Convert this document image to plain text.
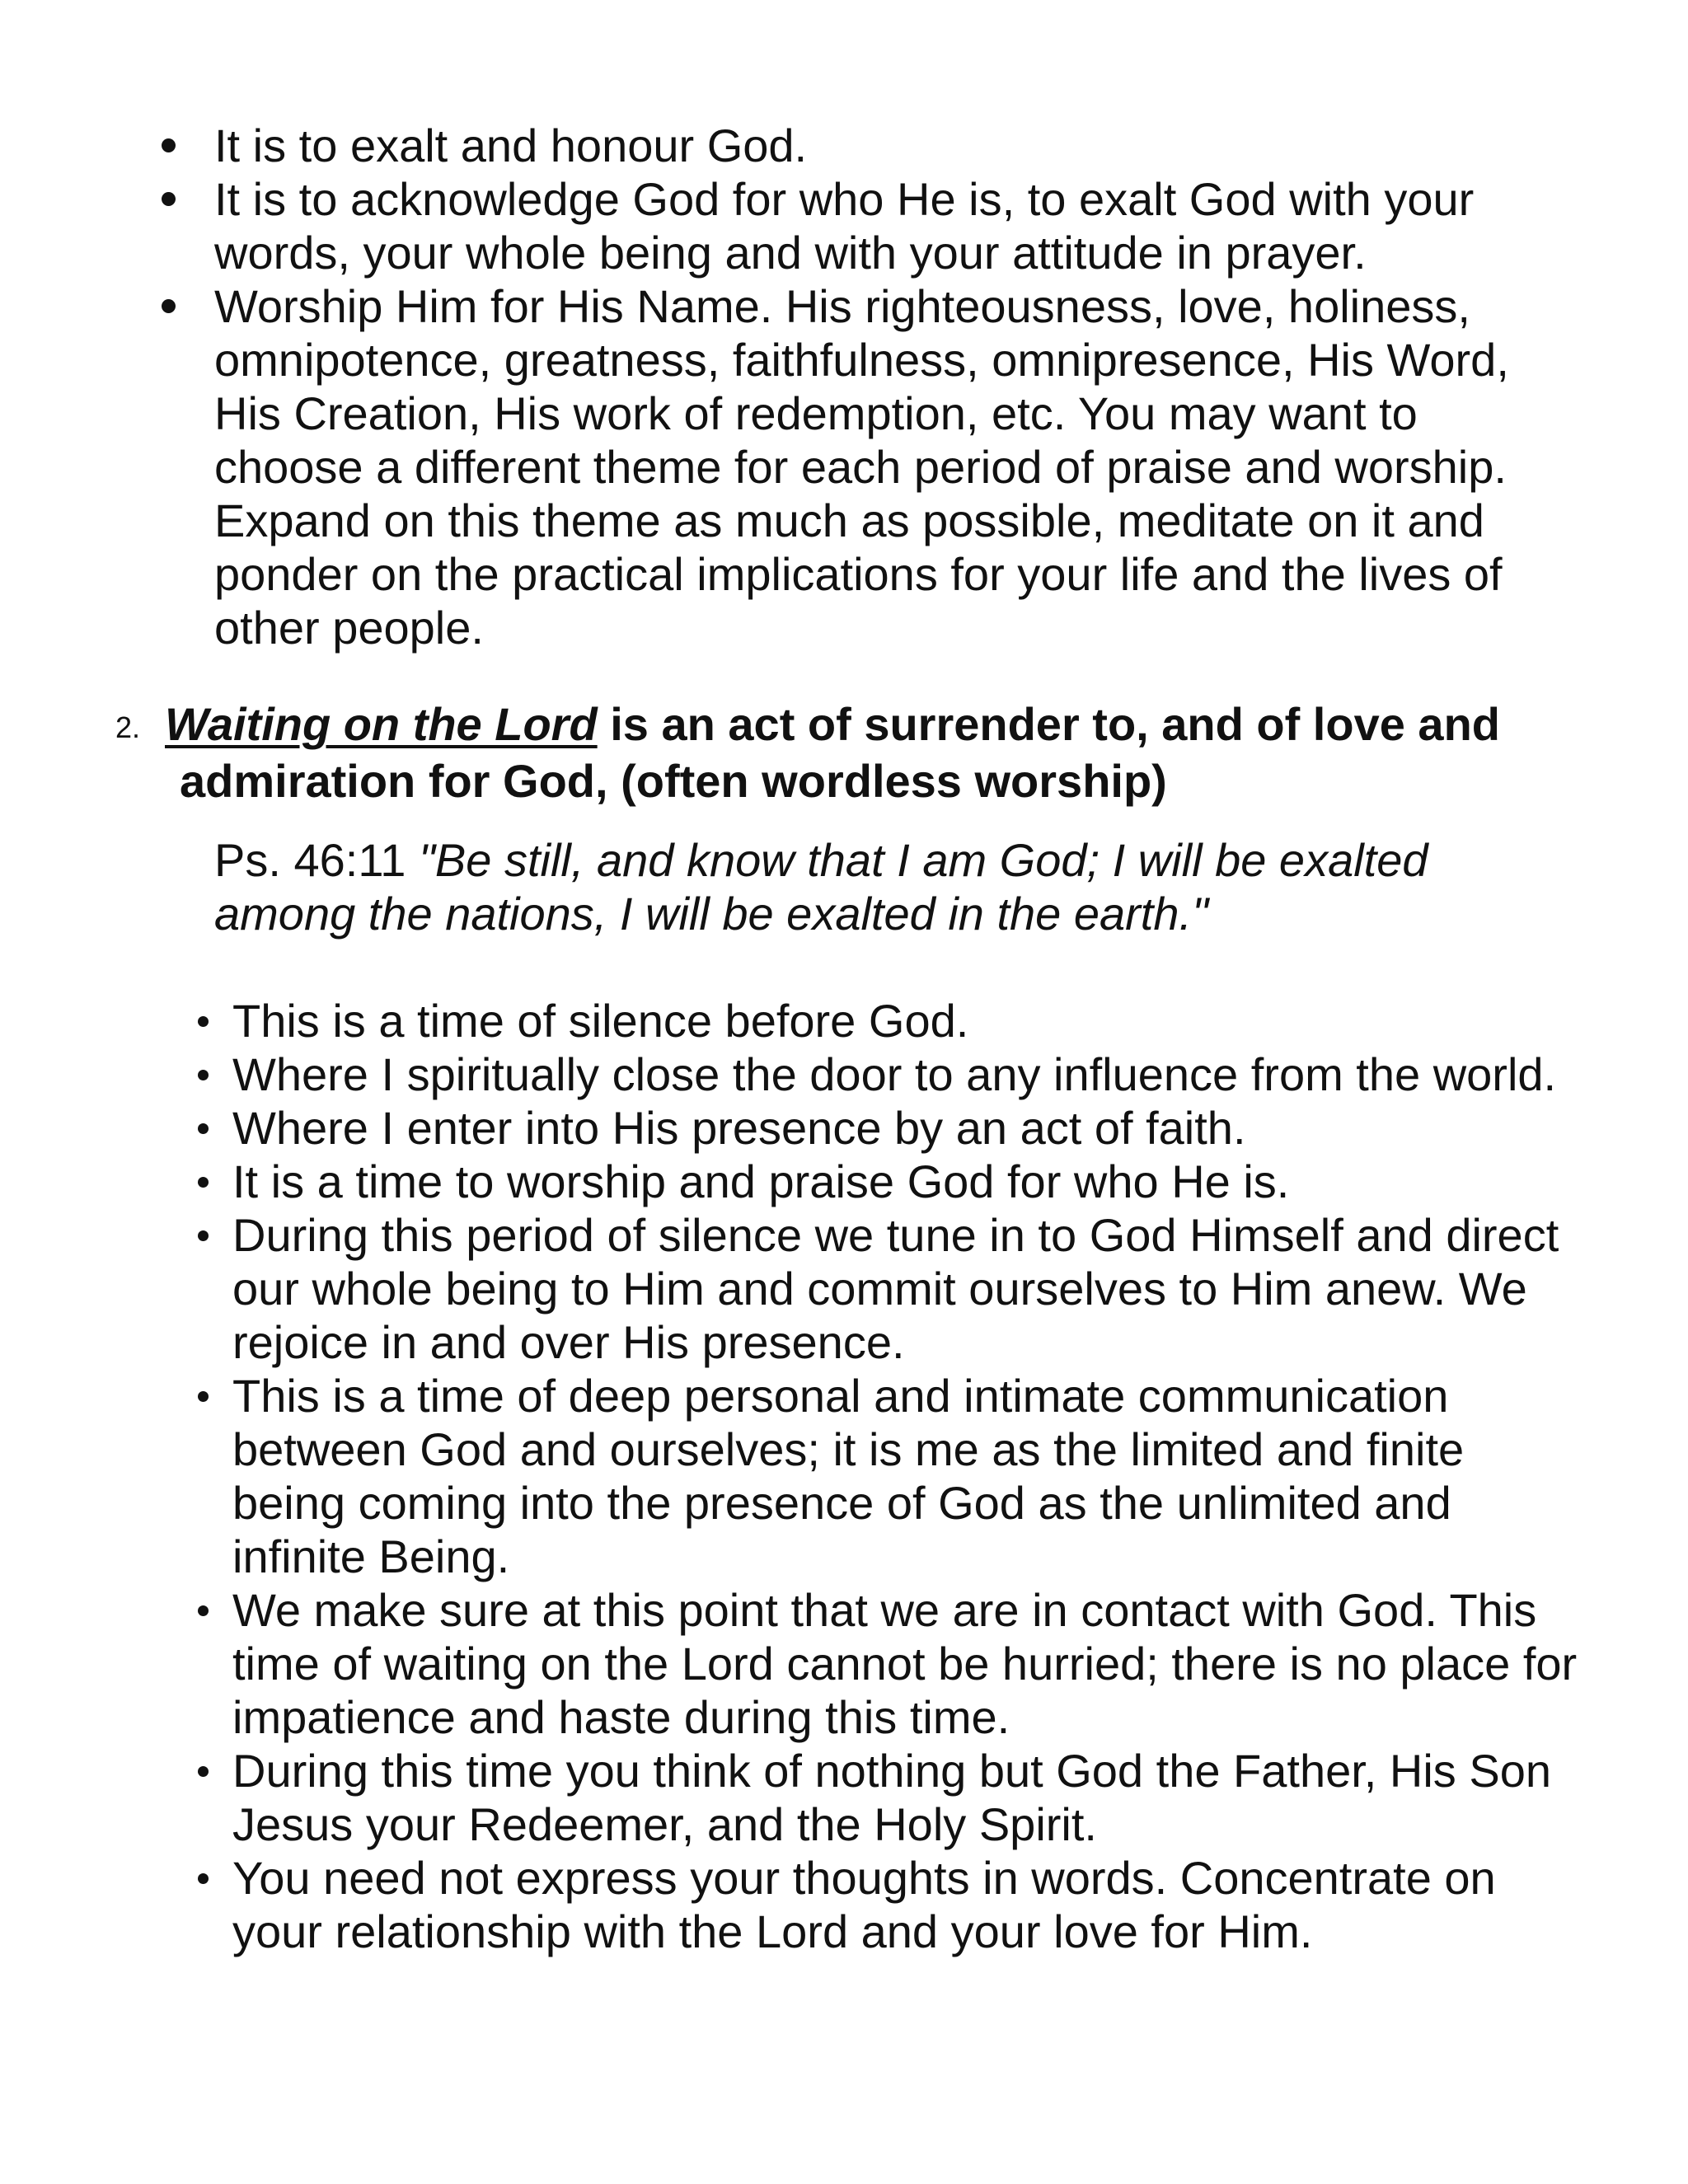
It is to exalt and honour God.
It is to acknowledge God for who He is, to exalt God with your words, your whole being and with your attitude in prayer.
Worship Him for His Name. His righteousness, love, holiness, omnipotence, greatness, faithfulness, omnipresence, His Word, His Creation, His work of redemption, etc. You may want to choose a different theme for each period of praise and worship. Expand on this theme as much as possible, meditate on it and ponder on the practical implications for your life and the lives of other people.
2. Waiting on the Lord is an act of surrender to, and of love and
admiration for God, (often wordless worship)
Ps. 46:11 "Be still, and know that I am God; I will be exalted among the nations, I will be exalted in the earth."
This is a time of silence before God.
Where I spiritually close the door to any influence from the world.
Where I enter into His presence by an act of faith.
It is a time to worship and praise God for who He is.
During this period of silence we tune in to God Himself and direct our whole being to Him and commit ourselves to Him anew. We rejoice in and over His presence.
This is a time of deep personal and intimate communication between God and ourselves; it is me as the limited and finite being coming into the presence of God as the unlimited and infinite Being.
We make sure at this point that we are in contact with God. This time of waiting on the Lord cannot be hurried; there is no place for impatience and haste during this time.
During this time you think of nothing but God the Father, His Son Jesus your Redeemer, and the Holy Spirit.
You need not express your thoughts in words. Concentrate on your relationship with the Lord and your love for Him.
